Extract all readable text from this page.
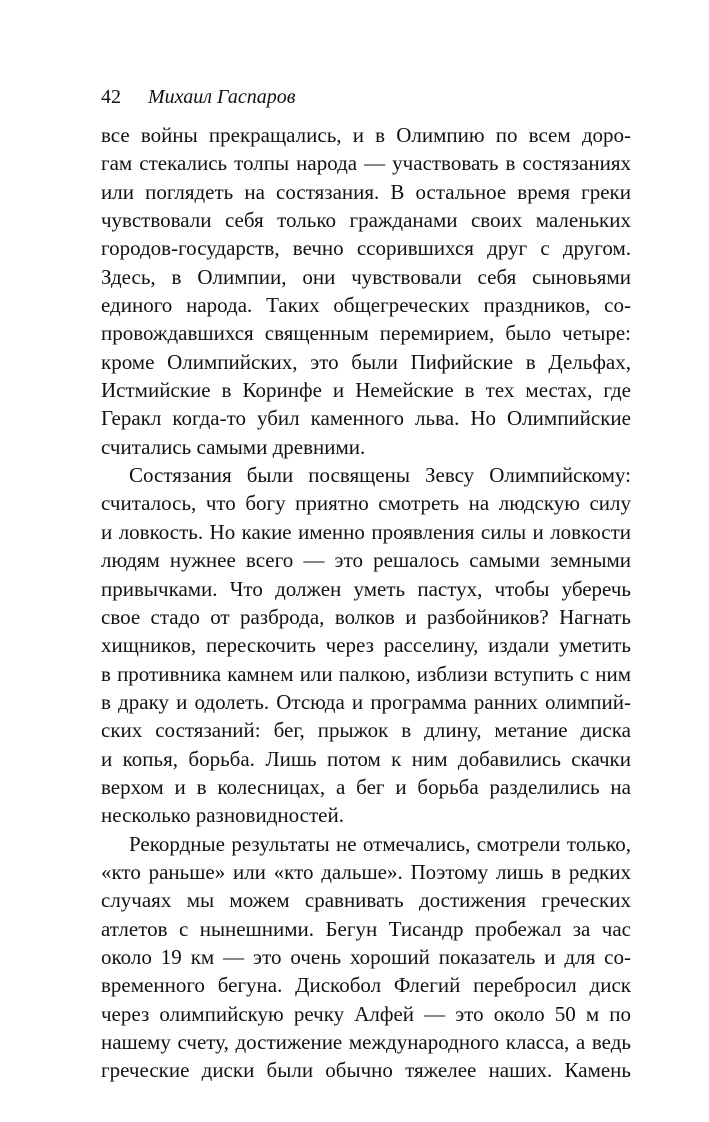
42 Михаил Гаспаров
все войны прекращались, и в Олимпию по всем доро-
гам стекались толпы народа — участвовать в состязаниях
или поглядеть на состязания. В остальное время греки
чувствовали себя только гражданами своих маленьких
городов-государств, вечно ссорившихся друг с другом.
Здесь, в Олимпии, они чувствовали себя сыновьями
единого народа. Таких общегреческих праздников, со-
провождавшихся священным перемирием, было четыре:
кроме Олимпийских, это были Пифийские в Дельфах,
Истмийские в Коринфе и Немейские в тех местах, где
Геракл когда-то убил каменного льва. Но Олимпийские
считались самыми древними.
Состязания были посвящены Зевсу Олимпийскому:
считалось, что богу приятно смотреть на людскую силу
и ловкость. Но какие именно проявления силы и ловкости
людям нужнее всего — это решалось самыми земными
привычками. Что должен уметь пастух, чтобы уберечь
свое стадо от разброда, волков и разбойников? Нагнать
хищников, перескочить через расселину, издали уметить
в противника камнем или палкою, изблизи вступить с ним
в драку и одолеть. Отсюда и программа ранних олимпий-
ских состязаний: бег, прыжок в длину, метание диска
и копья, борьба. Лишь потом к ним добавились скачки
верхом и в колесницах, а бег и борьба разделились на
несколько разновидностей.
Рекордные результаты не отмечались, смотрели только,
«кто раньше» или «кто дальше». Поэтому лишь в редких
случаях мы можем сравнивать достижения греческих
атлетов с нынешними. Бегун Тисандр пробежал за час
около 19 км — это очень хороший показатель и для со-
временного бегуна. Дискобол Флегий перебросил диск
через олимпийскую речку Алфей — это около 50 м по
нашему счету, достижение международного класса, а ведь
греческие диски были обычно тяжелее наших. Камень
